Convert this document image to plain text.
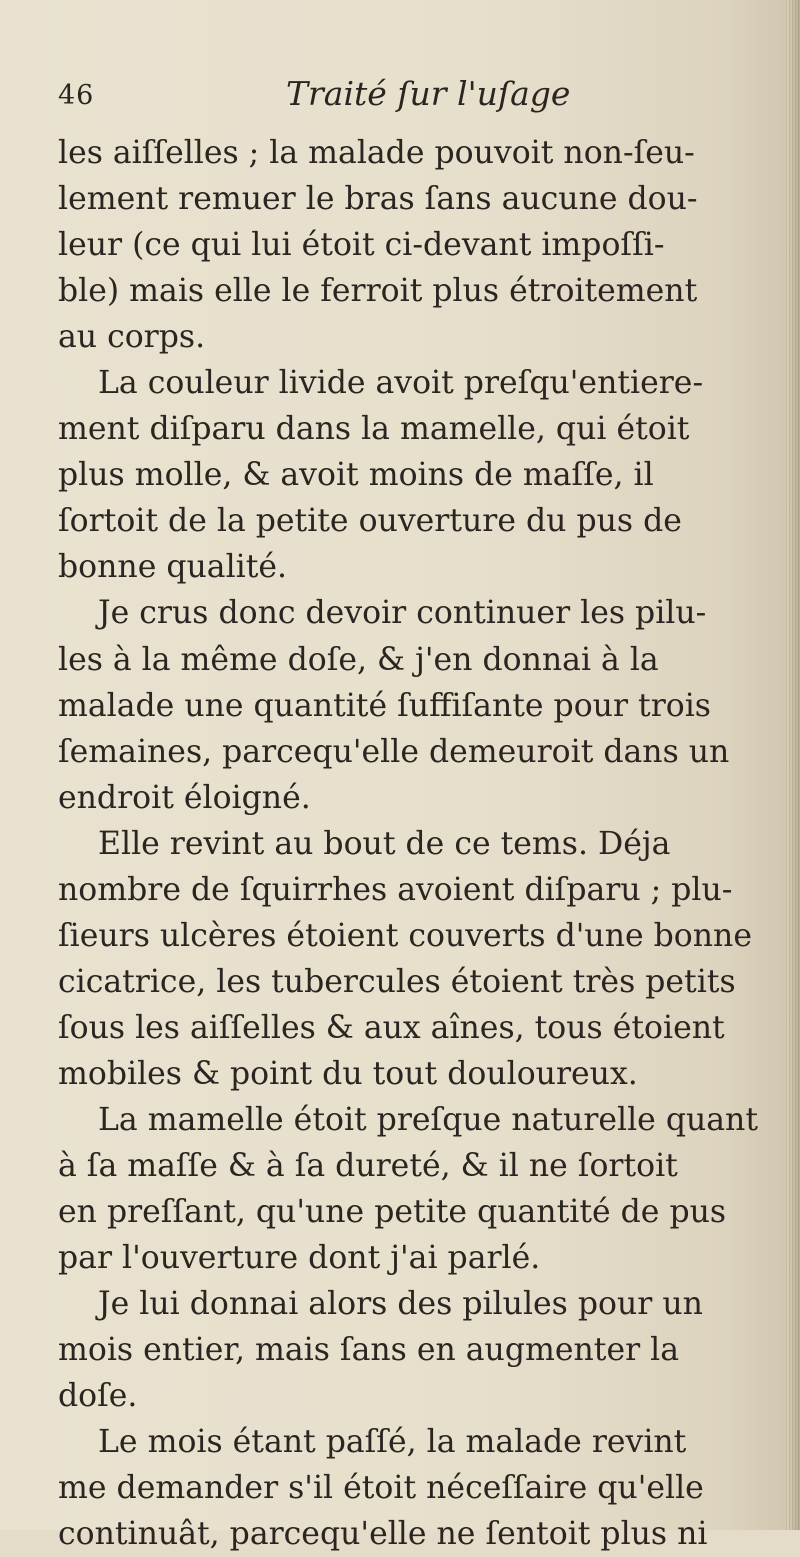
46	Traité ſur l'uſage
les aiſſelles ; la malade pouvoit non-ſeu-
lement remuer le bras ſans aucune dou-
leur (ce qui lui étoit ci-devant impoſſi-
ble) mais elle le ferroit plus étroitement
au corps.
La couleur livide avoit preſqu'entiere-
ment diſparu dans la mamelle, qui étoit
plus molle, & avoit moins de maſſe, il
ſortoit de la petite ouverture du pus de
bonne qualité.
Je crus donc devoir continuer les pilu-
les à la même doſe, & j'en donnai à la
malade une quantité ſuffiſante pour trois
ſemaines, parcequ'elle demeuroit dans un
endroit éloigné.
Elle revint au bout de ce tems. Déja
nombre de ſquirrhes avoient diſparu ; plu-
ſieurs ulcères étoient couverts d'une bonne
cicatrice, les tubercules étoient très petits
ſous les aiſſelles & aux aînes, tous étoient
mobiles & point du tout douloureux.
La mamelle étoit preſque naturelle quant
à ſa maſſe & à ſa dureté, & il ne ſortoit
en preſſant, qu'une petite quantité de pus
par l'ouverture dont j'ai parlé.
Je lui donnai alors des pilules pour un
mois entier, mais ſans en augmenter la
doſe.
Le mois étant paſſé, la malade revint
me demander s'il étoit néceſſaire qu'elle
continuât, parcequ'elle ne ſentoit plus ni
